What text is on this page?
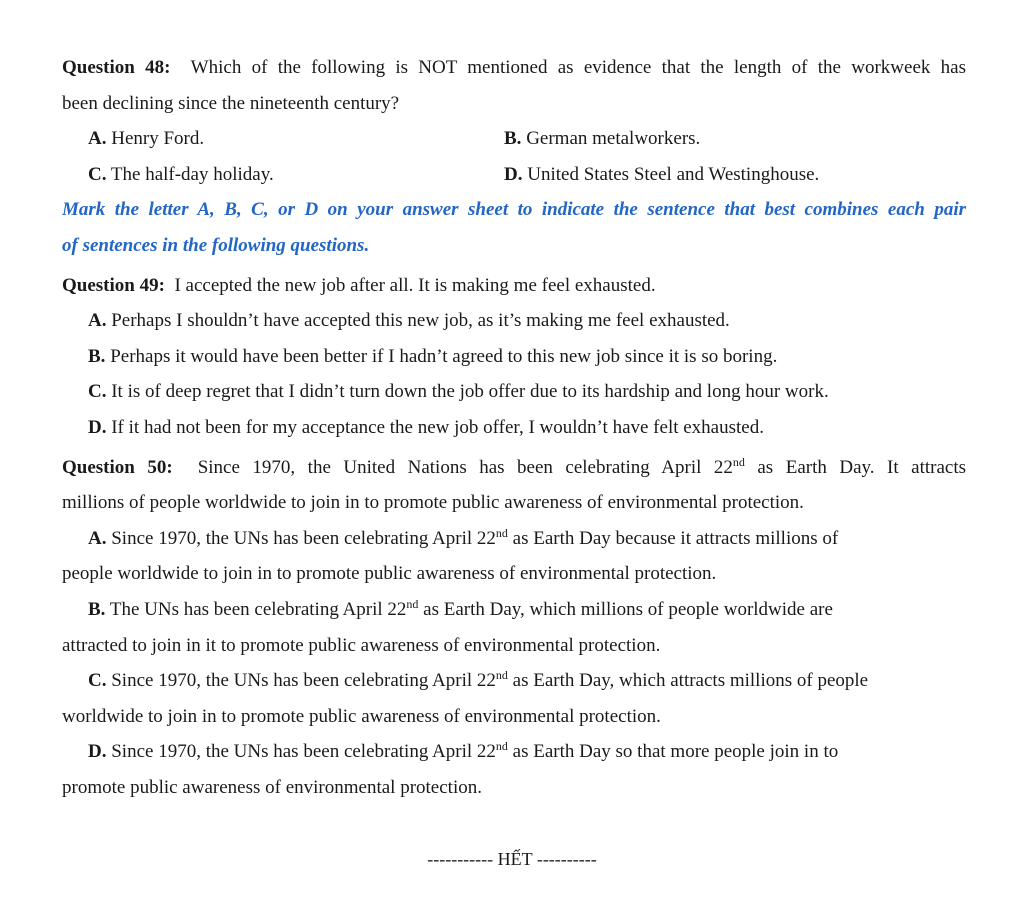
Question 48: Which of the following is NOT mentioned as evidence that the length of the workweek has
been declining since the nineteenth century?
A. Henry Ford.	B. German metalworkers.
C. The half-day holiday.	D. United States Steel and Westinghouse.
Mark the letter A, B, C, or D on your answer sheet to indicate the sentence that best combines each pair
of sentences in the following questions.
Question 49: I accepted the new job after all. It is making me feel exhausted.
A. Perhaps I shouldn’t have accepted this new job, as it’s making me feel exhausted.
B. Perhaps it would have been better if I hadn’t agreed to this new job since it is so boring.
C. It is of deep regret that I didn’t turn down the job offer due to its hardship and long hour work.
D. If it had not been for my acceptance the new job offer, I wouldn’t have felt exhausted.
Question 50: Since 1970, the United Nations has been celebrating April 22nd as Earth Day. It attracts
millions of people worldwide to join in to promote public awareness of environmental protection.
A. Since 1970, the UNs has been celebrating April 22nd as Earth Day because it attracts millions of
people worldwide to join in to promote public awareness of environmental protection.
B. The UNs has been celebrating April 22nd as Earth Day, which millions of people worldwide are
attracted to join in it to promote public awareness of environmental protection.
C. Since 1970, the UNs has been celebrating April 22nd as Earth Day, which attracts millions of people
worldwide to join in to promote public awareness of environmental protection.
D. Since 1970, the UNs has been celebrating April 22nd as Earth Day so that more people join in to
promote public awareness of environmental protection.
----------- HẾT ----------
